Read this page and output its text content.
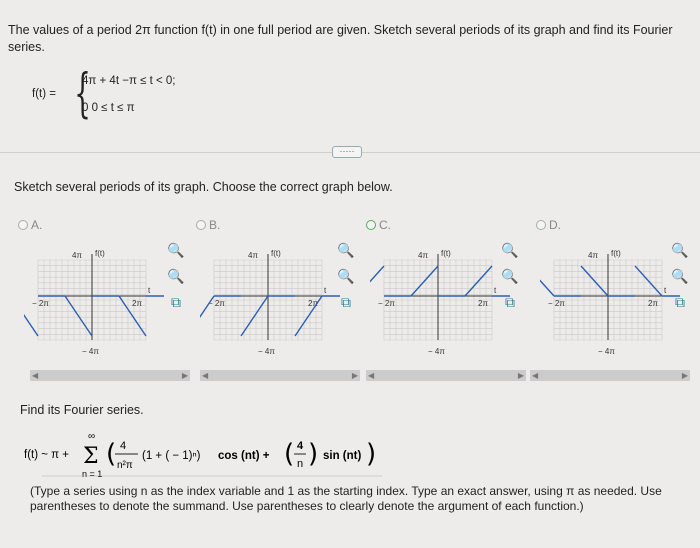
The values of a period 2π function f(t) in one full period are given. Sketch several periods of its graph and find its Fourier series.
f(t) = {
4π + 4t −π ≤ t < 0;
0 0 ≤ t ≤ π
·····
Sketch several periods of its graph. Choose the correct graph below.
A.	B.	C.	D.
4π f(t)
− 2π	2π
t
− 4π
4π f(t)
− 2π	2π
t
− 4π
4π f(t)
− 2π	2π
t
− 4π
4π f(t)
− 2π	2π
t
− 4π
🔍
🔍
⧉
🔍
🔍
⧉
🔍
🔍
⧉
🔍
🔍
⧉
◀	▶ ◀	▶ ◀	▶ ◀	▶
Find its Fourier series.
f(t) ~ π +
∞
Σ
n = 1
( 4
n²π
(1 + ( − 1)ⁿ) cos (nt) + ( 4
n ) sin (nt) )
(Type a series using n as the index variable and 1 as the starting index. Type an exact answer, using π as needed. Use parentheses to denote the summand. Use parentheses to clearly denote the argument of each function.)
